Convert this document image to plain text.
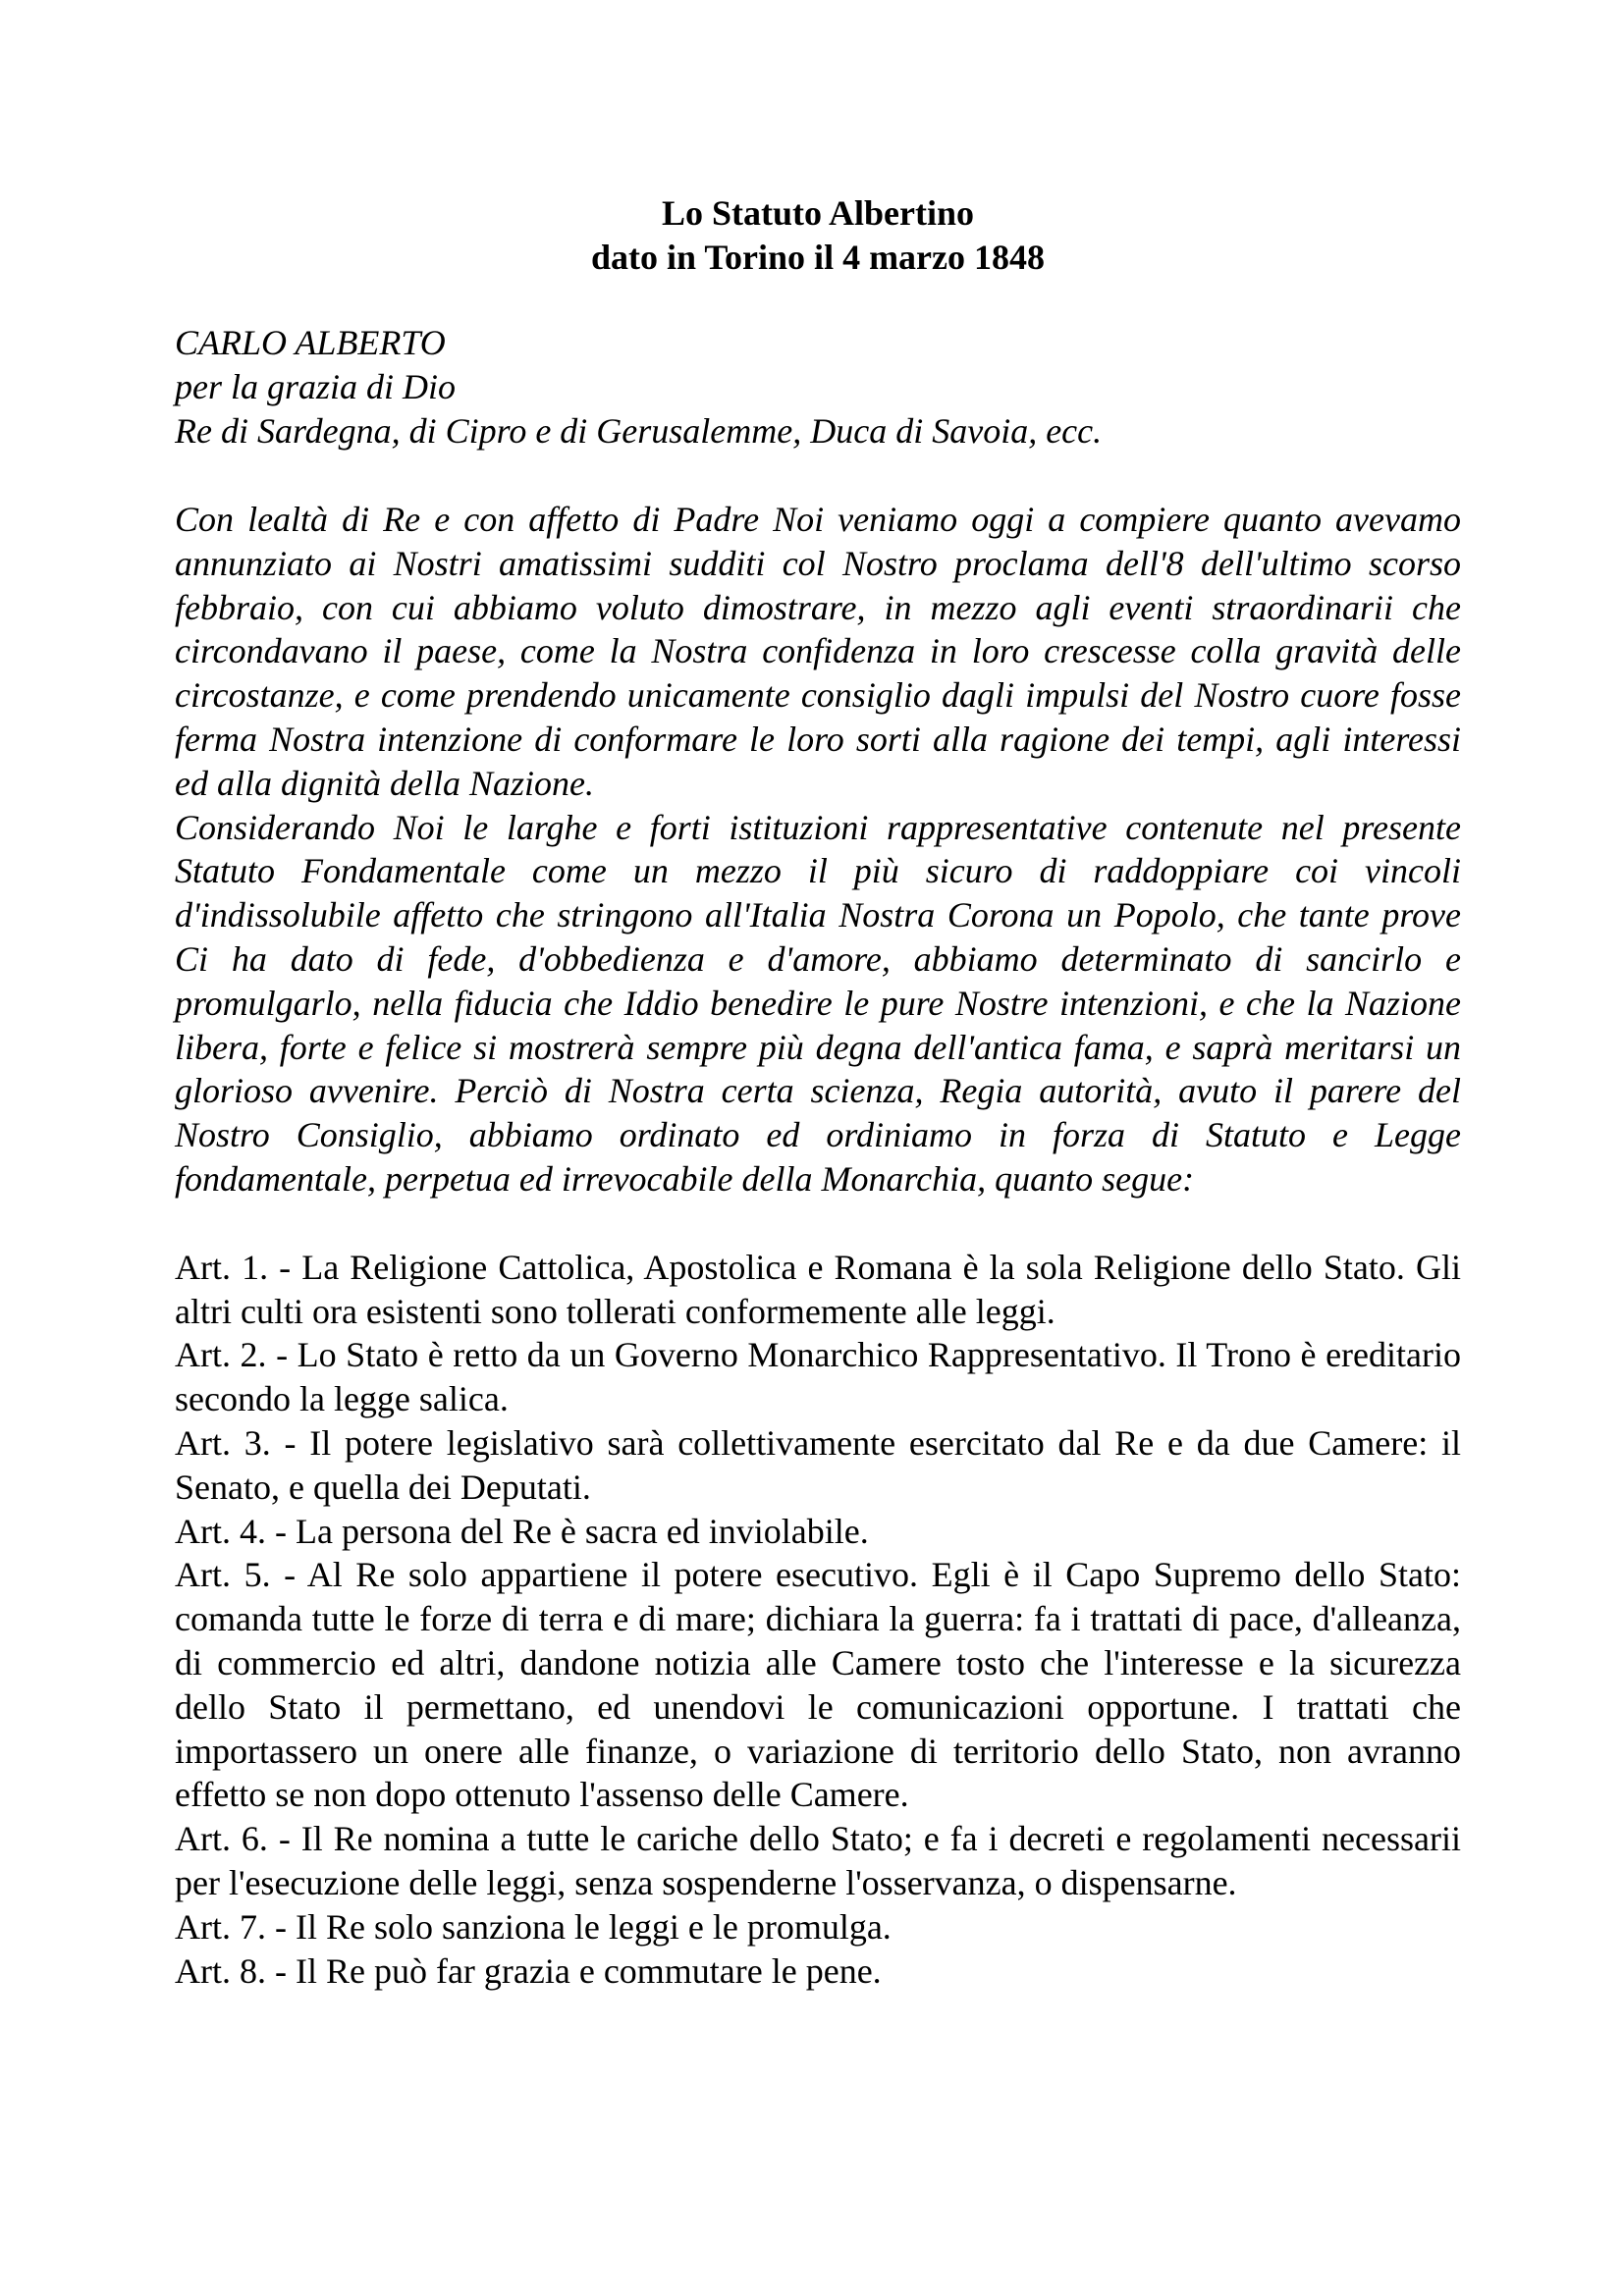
Lo Statuto Albertino
dato in Torino il 4 marzo 1848
CARLO ALBERTO
per la grazia di Dio
Re di Sardegna, di Cipro e di Gerusalemme, Duca di Savoia, ecc.

Con lealtà di Re e con affetto di Padre Noi veniamo oggi a compiere quanto avevamo annunziato ai Nostri amatissimi sudditi col Nostro proclama dell'8 dell'ultimo scorso febbraio, con cui abbiamo voluto dimostrare, in mezzo agli eventi straordinarii che circondavano il paese, come la Nostra confidenza in loro crescesse colla gravità delle circostanze, e come prendendo unicamente consiglio dagli impulsi del Nostro cuore fosse ferma Nostra intenzione di conformare le loro sorti alla ragione dei tempi, agli interessi ed alla dignità della Nazione.

Considerando Noi le larghe e forti istituzioni rappresentative contenute nel presente Statuto Fondamentale come un mezzo il più sicuro di raddoppiare coi vincoli d'indissolubile affetto che stringono all'Italia Nostra Corona un Popolo, che tante prove Ci ha dato di fede, d'obbedienza e d'amore, abbiamo determinato di sancirlo e promulgarlo, nella fiducia che Iddio benedire le pure Nostre intenzioni, e che la Nazione libera, forte e felice si mostrerà sempre più degna dell'antica fama, e saprà meritarsi un glorioso avvenire. Perciò di Nostra certa scienza, Regia autorità, avuto il parere del Nostro Consiglio, abbiamo ordinato ed ordiniamo in forza di Statuto e Legge fondamentale, perpetua ed irrevocabile della Monarchia, quanto segue:

Art. 1. - La Religione Cattolica, Apostolica e Romana è la sola Religione dello Stato. Gli altri culti ora esistenti sono tollerati conformemente alle leggi.

Art. 2. - Lo Stato è retto da un Governo Monarchico Rappresentativo. Il Trono è ereditario secondo la legge salica.

Art. 3. - Il potere legislativo sarà collettivamente esercitato dal Re e da due Camere: il Senato, e quella dei Deputati.

Art. 4. - La persona del Re è sacra ed inviolabile.

Art. 5. - Al Re solo appartiene il potere esecutivo. Egli è il Capo Supremo dello Stato: comanda tutte le forze di terra e di mare; dichiara la guerra: fa i trattati di pace, d'alleanza, di commercio ed altri, dandone notizia alle Camere tosto che l'interesse e la sicurezza dello Stato il permettano, ed unendovi le comunicazioni opportune. I trattati che importassero un onere alle finanze, o variazione di territorio dello Stato, non avranno effetto se non dopo ottenuto l'assenso delle Camere.

Art. 6. - Il Re nomina a tutte le cariche dello Stato; e fa i decreti e regolamenti necessarii per l'esecuzione delle leggi, senza sospenderne l'osservanza, o dispensarne.

Art. 7. - Il Re solo sanziona le leggi e le promulga.

Art. 8. - Il Re può far grazia e commutare le pene.
